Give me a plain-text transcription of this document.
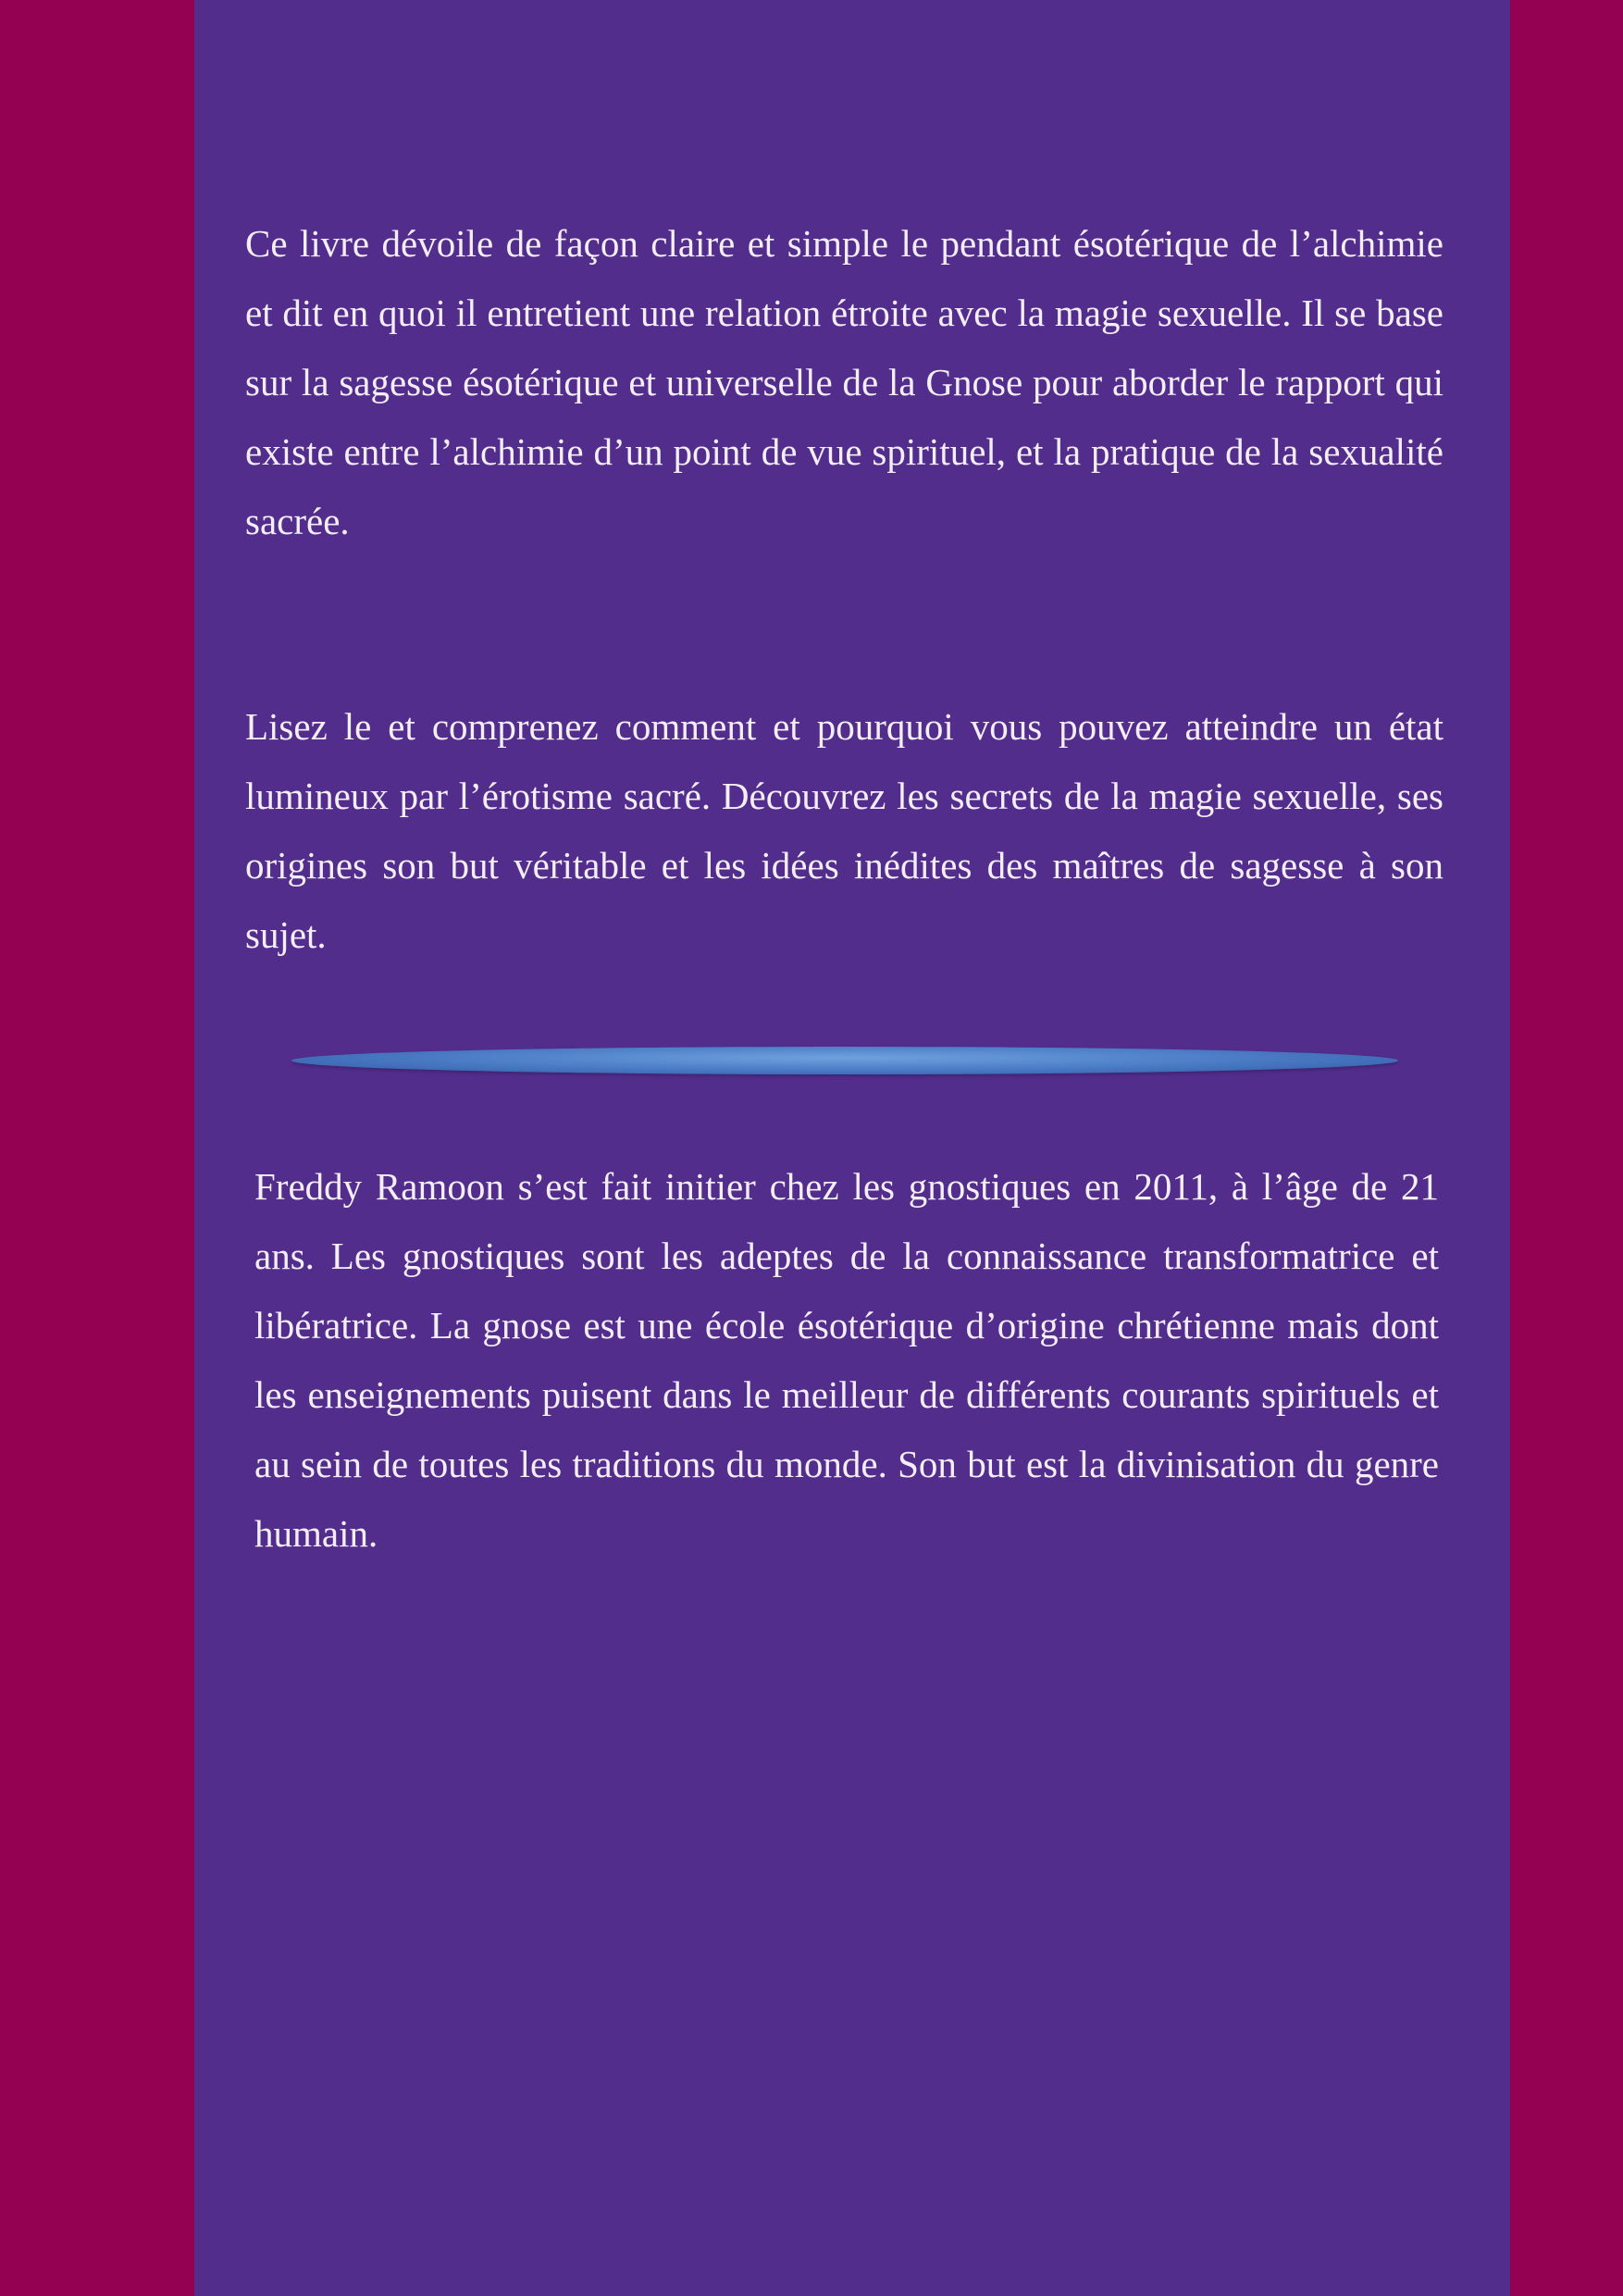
Ce livre dévoile de façon claire et simple le pendant ésotérique de l’alchimie et dit en quoi il entretient une relation étroite avec la magie sexuelle. Il se base sur la sagesse ésotérique et universelle de la Gnose pour aborder le rapport qui existe entre l’alchimie d’un point de vue spirituel, et la pratique de la sexualité sacrée.

Lisez le et comprenez comment et pourquoi vous pouvez atteindre un état lumineux par l’érotisme sacré. Découvrez les secrets de la magie sexuelle, ses origines son but véritable et les idées inédites des maîtres de sagesse à son sujet.

Freddy Ramoon s’est fait initier chez les gnostiques en 2011, à l’âge de 21 ans. Les gnostiques sont les adeptes de la connaissance transformatrice et libératrice. La gnose est une école ésotérique d’origine chrétienne mais dont les enseignements puisent dans le meilleur de différents courants spirituels et au sein de toutes les traditions du monde. Son but est la divinisation du genre humain.
